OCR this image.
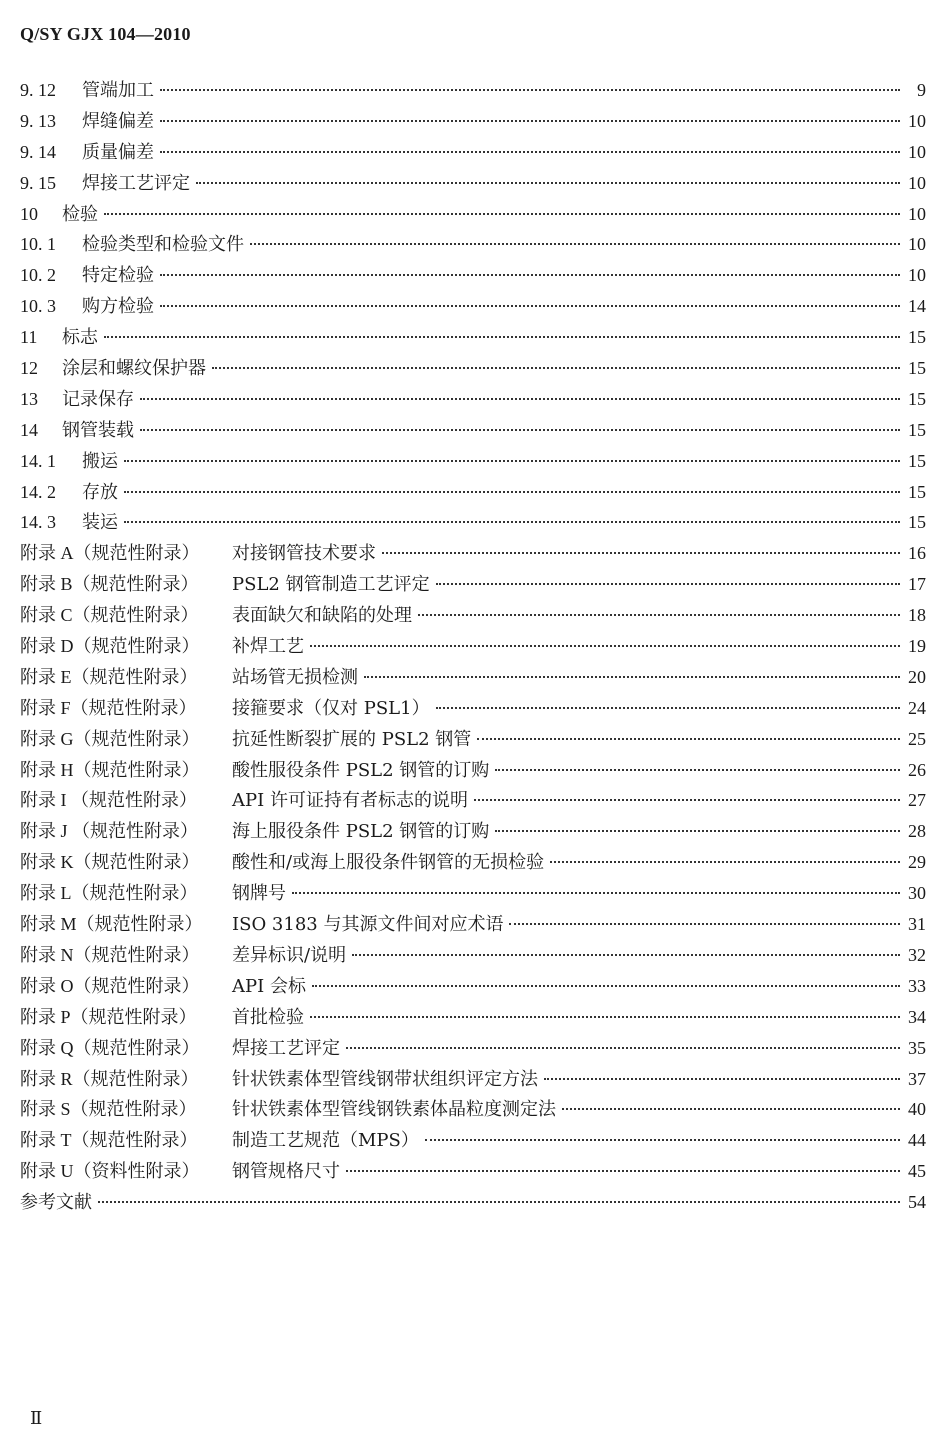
Q/SY GJX 104—2010
9. 12	管端加工	9
9. 13	焊缝偏差	10
9. 14	质量偏差	10
9. 15	焊接工艺评定	10
10	检验	10
10. 1	检验类型和检验文件	10
10. 2	特定检验	10
10. 3	购方检验	14
11	标志	15
12	涂层和螺纹保护器	15
13	记录保存	15
14	钢管装载	15
14. 1	搬运	15
14. 2	存放	15
14. 3	装运	15
附录 A（规范性附录）	对接钢管技术要求	16
附录 B（规范性附录）	PSL2 钢管制造工艺评定	17
附录 C（规范性附录）	表面缺欠和缺陷的处理	18
附录 D（规范性附录）	补焊工艺	19
附录 E（规范性附录）	站场管无损检测	20
附录 F（规范性附录）	接箍要求（仅对 PSL1）	24
附录 G（规范性附录）	抗延性断裂扩展的 PSL2 钢管	25
附录 H（规范性附录）	酸性服役条件 PSL2 钢管的订购	26
附录 I （规范性附录）	API 许可证持有者标志的说明	27
附录 J （规范性附录）	海上服役条件 PSL2 钢管的订购	28
附录 K（规范性附录）	酸性和/或海上服役条件钢管的无损检验	29
附录 L（规范性附录）	钢牌号	30
附录 M（规范性附录）	ISO 3183 与其源文件间对应术语	31
附录 N（规范性附录）	差异标识/说明	32
附录 O（规范性附录）	API 会标	33
附录 P（规范性附录）	首批检验	34
附录 Q（规范性附录）	焊接工艺评定	35
附录 R（规范性附录）	针状铁素体型管线钢带状组织评定方法	37
附录 S（规范性附录）	针状铁素体型管线钢铁素体晶粒度测定法	40
附录 T（规范性附录）	制造工艺规范（MPS）	44
附录 U（资料性附录）	钢管规格尺寸	45
参考文献	54
Ⅱ
